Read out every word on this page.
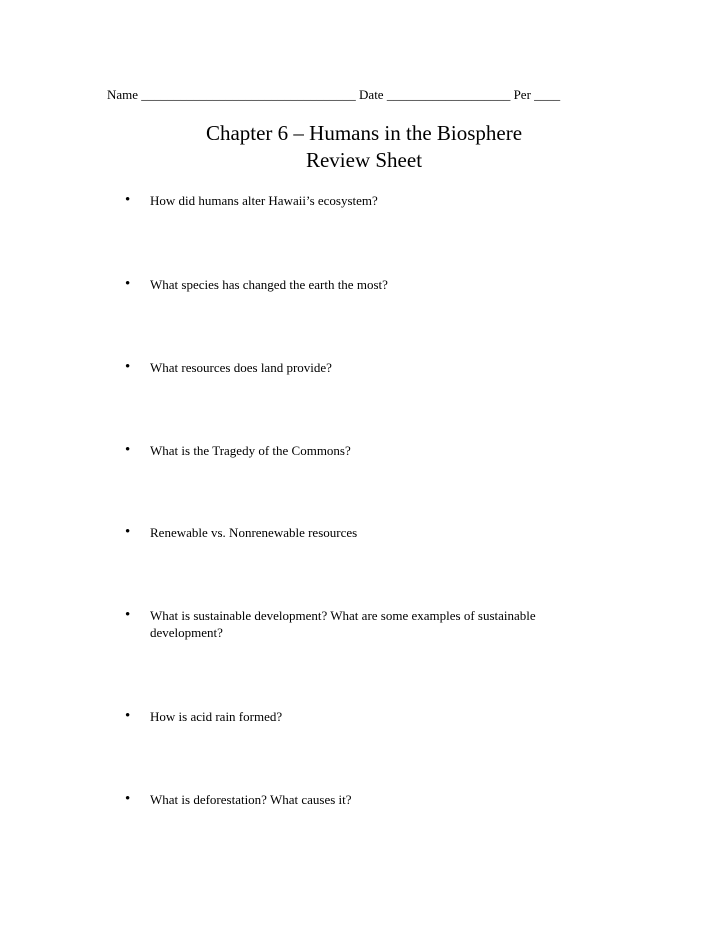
Name _________________________________ Date ___________________ Per ____
Chapter 6 – Humans in the Biosphere
Review Sheet
• How did humans alter Hawaii’s ecosystem?
• What species has changed the earth the most?
• What resources does land provide?
• What is the Tragedy of the Commons?
• Renewable vs. Nonrenewable resources
• What is sustainable development? What are some examples of sustainable development?
• How is acid rain formed?
• What is deforestation? What causes it?
